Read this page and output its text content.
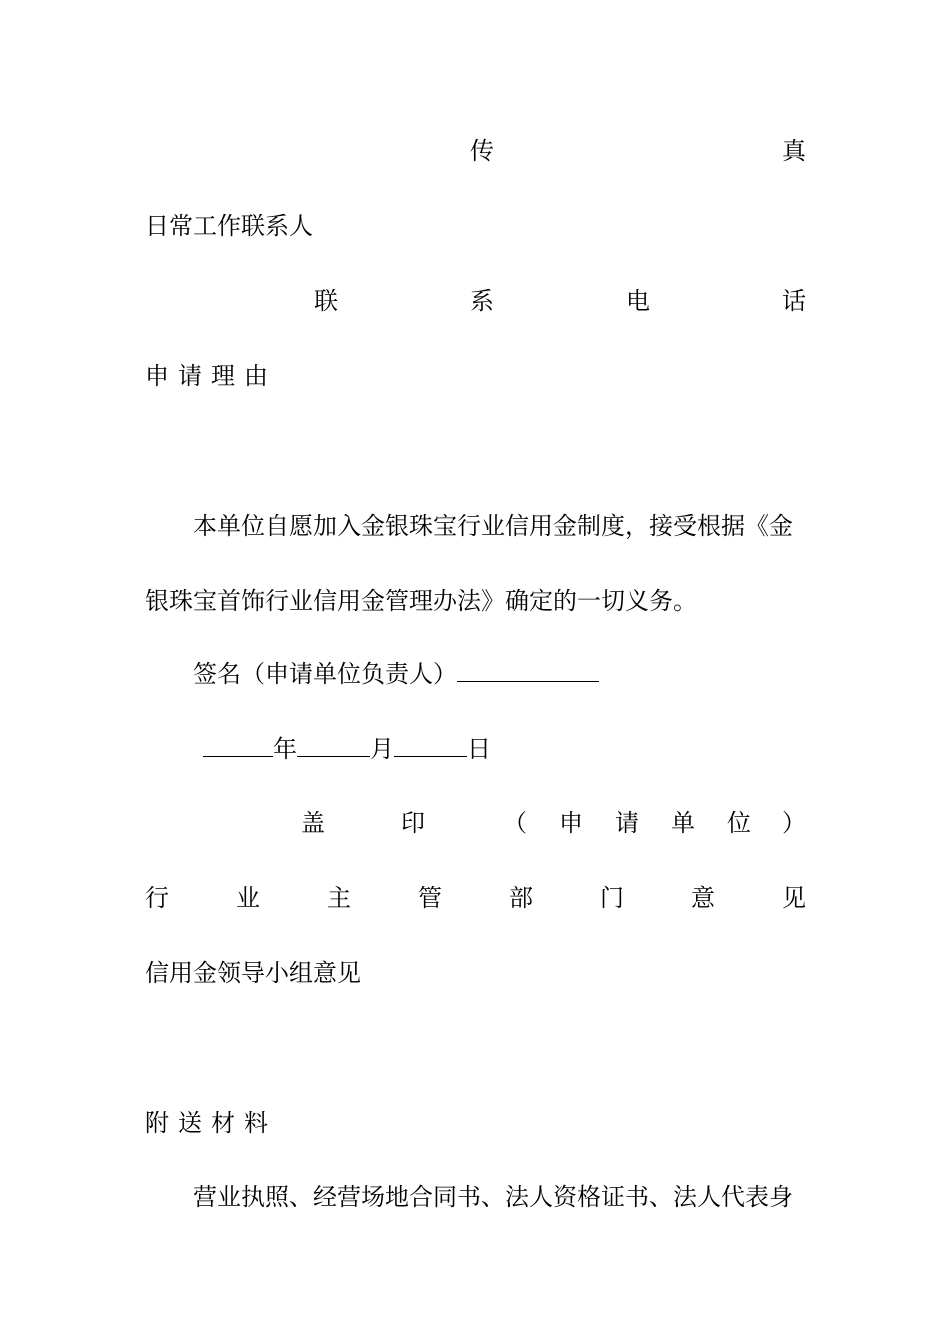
传	真
日常工作联系人
联	系	电	话
申请理由
本单位自愿加入金银珠宝行业信用金制度，接受根据《金
银珠宝首饰行业信用金管理办法》确定的一切义务。
签名（申请单位负责人）
年	月	日
盖	印	（ 申 请 单 位 ）
行	业	主	管	部	门	意	见
信用金领导小组意见
附送材料
营业执照、经营场地合同书、法人资格证书、法人代表身
